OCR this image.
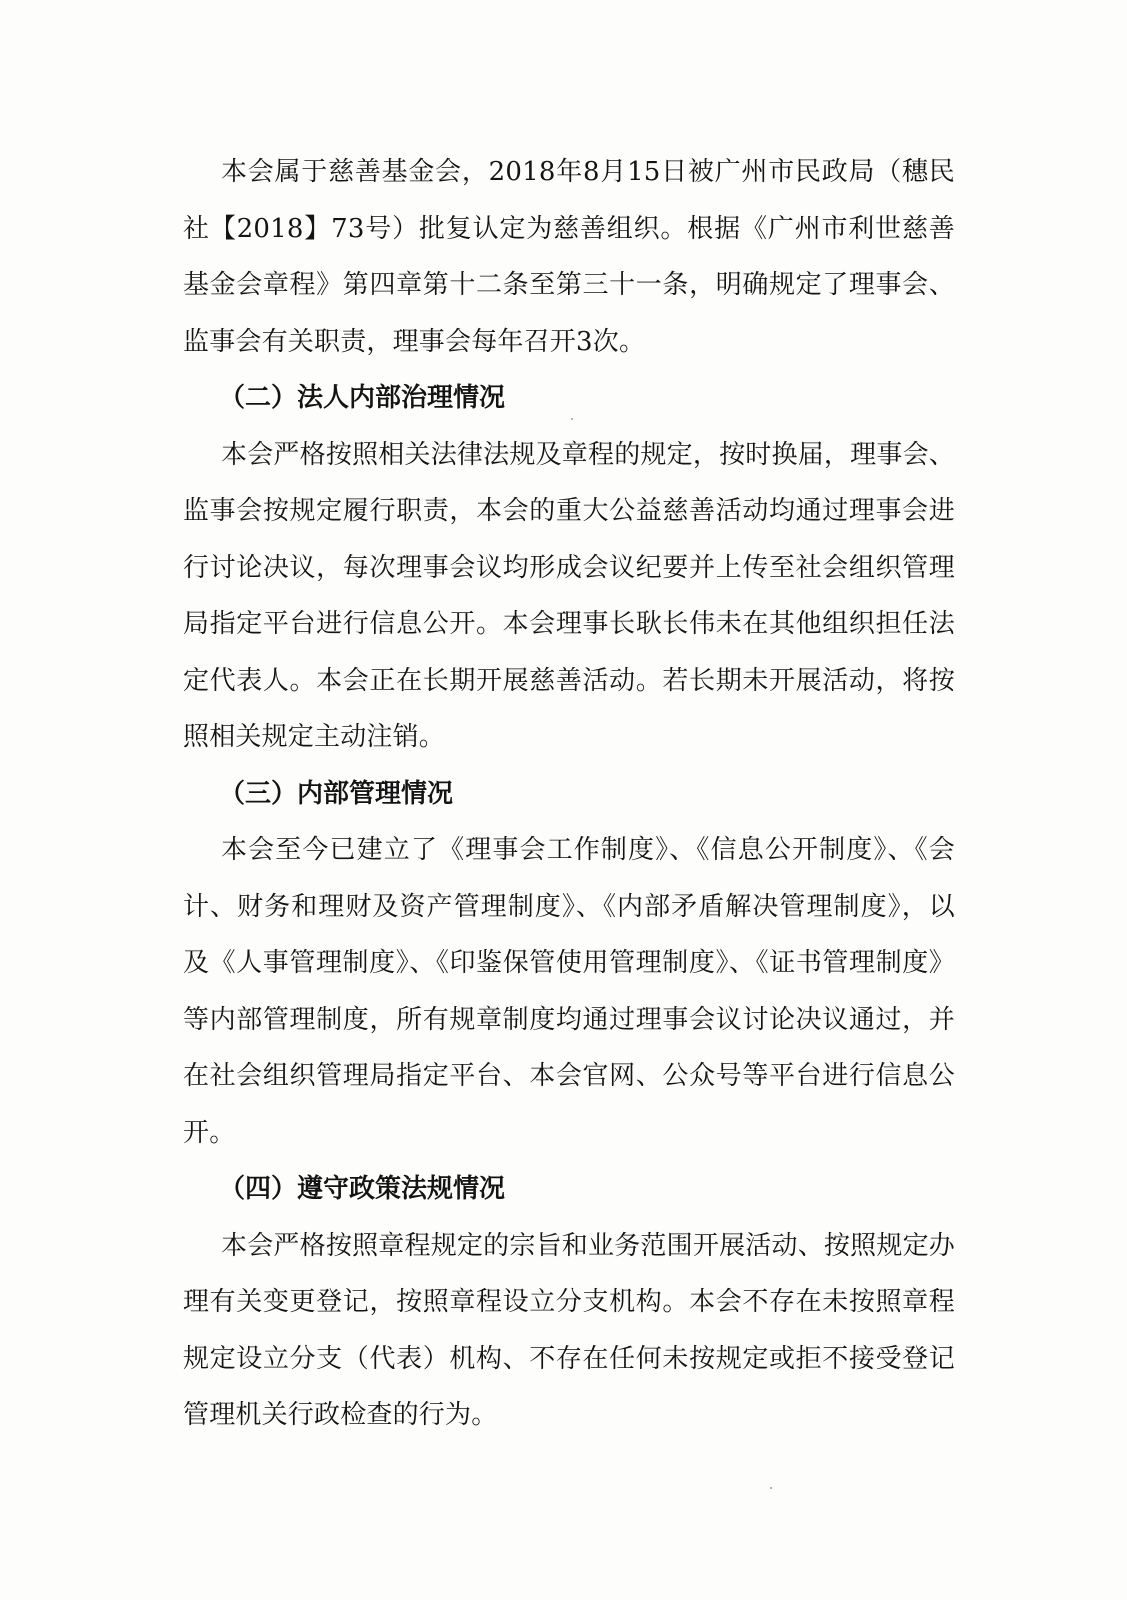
本会属于慈善基金会，2018年8月15日被广州市民政局（穗民社【2018】73号）批复认定为慈善组织。根据《广州市利世慈善基金会章程》第四章第十二条至第三十一条，明确规定了理事会、监事会有关职责，理事会每年召开3次。

（二）法人内部治理情况

本会严格按照相关法律法规及章程的规定，按时换届，理事会、监事会按规定履行职责，本会的重大公益慈善活动均通过理事会进行讨论决议，每次理事会议均形成会议纪要并上传至社会组织管理局指定平台进行信息公开。本会理事长耿长伟未在其他组织担任法定代表人。本会正在长期开展慈善活动。若长期未开展活动，将按照相关规定主动注销。

（三）内部管理情况

本会至今已建立了《理事会工作制度》、《信息公开制度》、《会计、财务和理财及资产管理制度》、《内部矛盾解决管理制度》，以及《人事管理制度》、《印鉴保管使用管理制度》、《证书管理制度》等内部管理制度，所有规章制度均通过理事会议讨论决议通过，并在社会组织管理局指定平台、本会官网、公众号等平台进行信息公开。

（四）遵守政策法规情况

本会严格按照章程规定的宗旨和业务范围开展活动、按照规定办理有关变更登记，按照章程设立分支机构。本会不存在未按照章程规定设立分支（代表）机构、不存在任何未按规定或拒不接受登记管理机关行政检查的行为。
